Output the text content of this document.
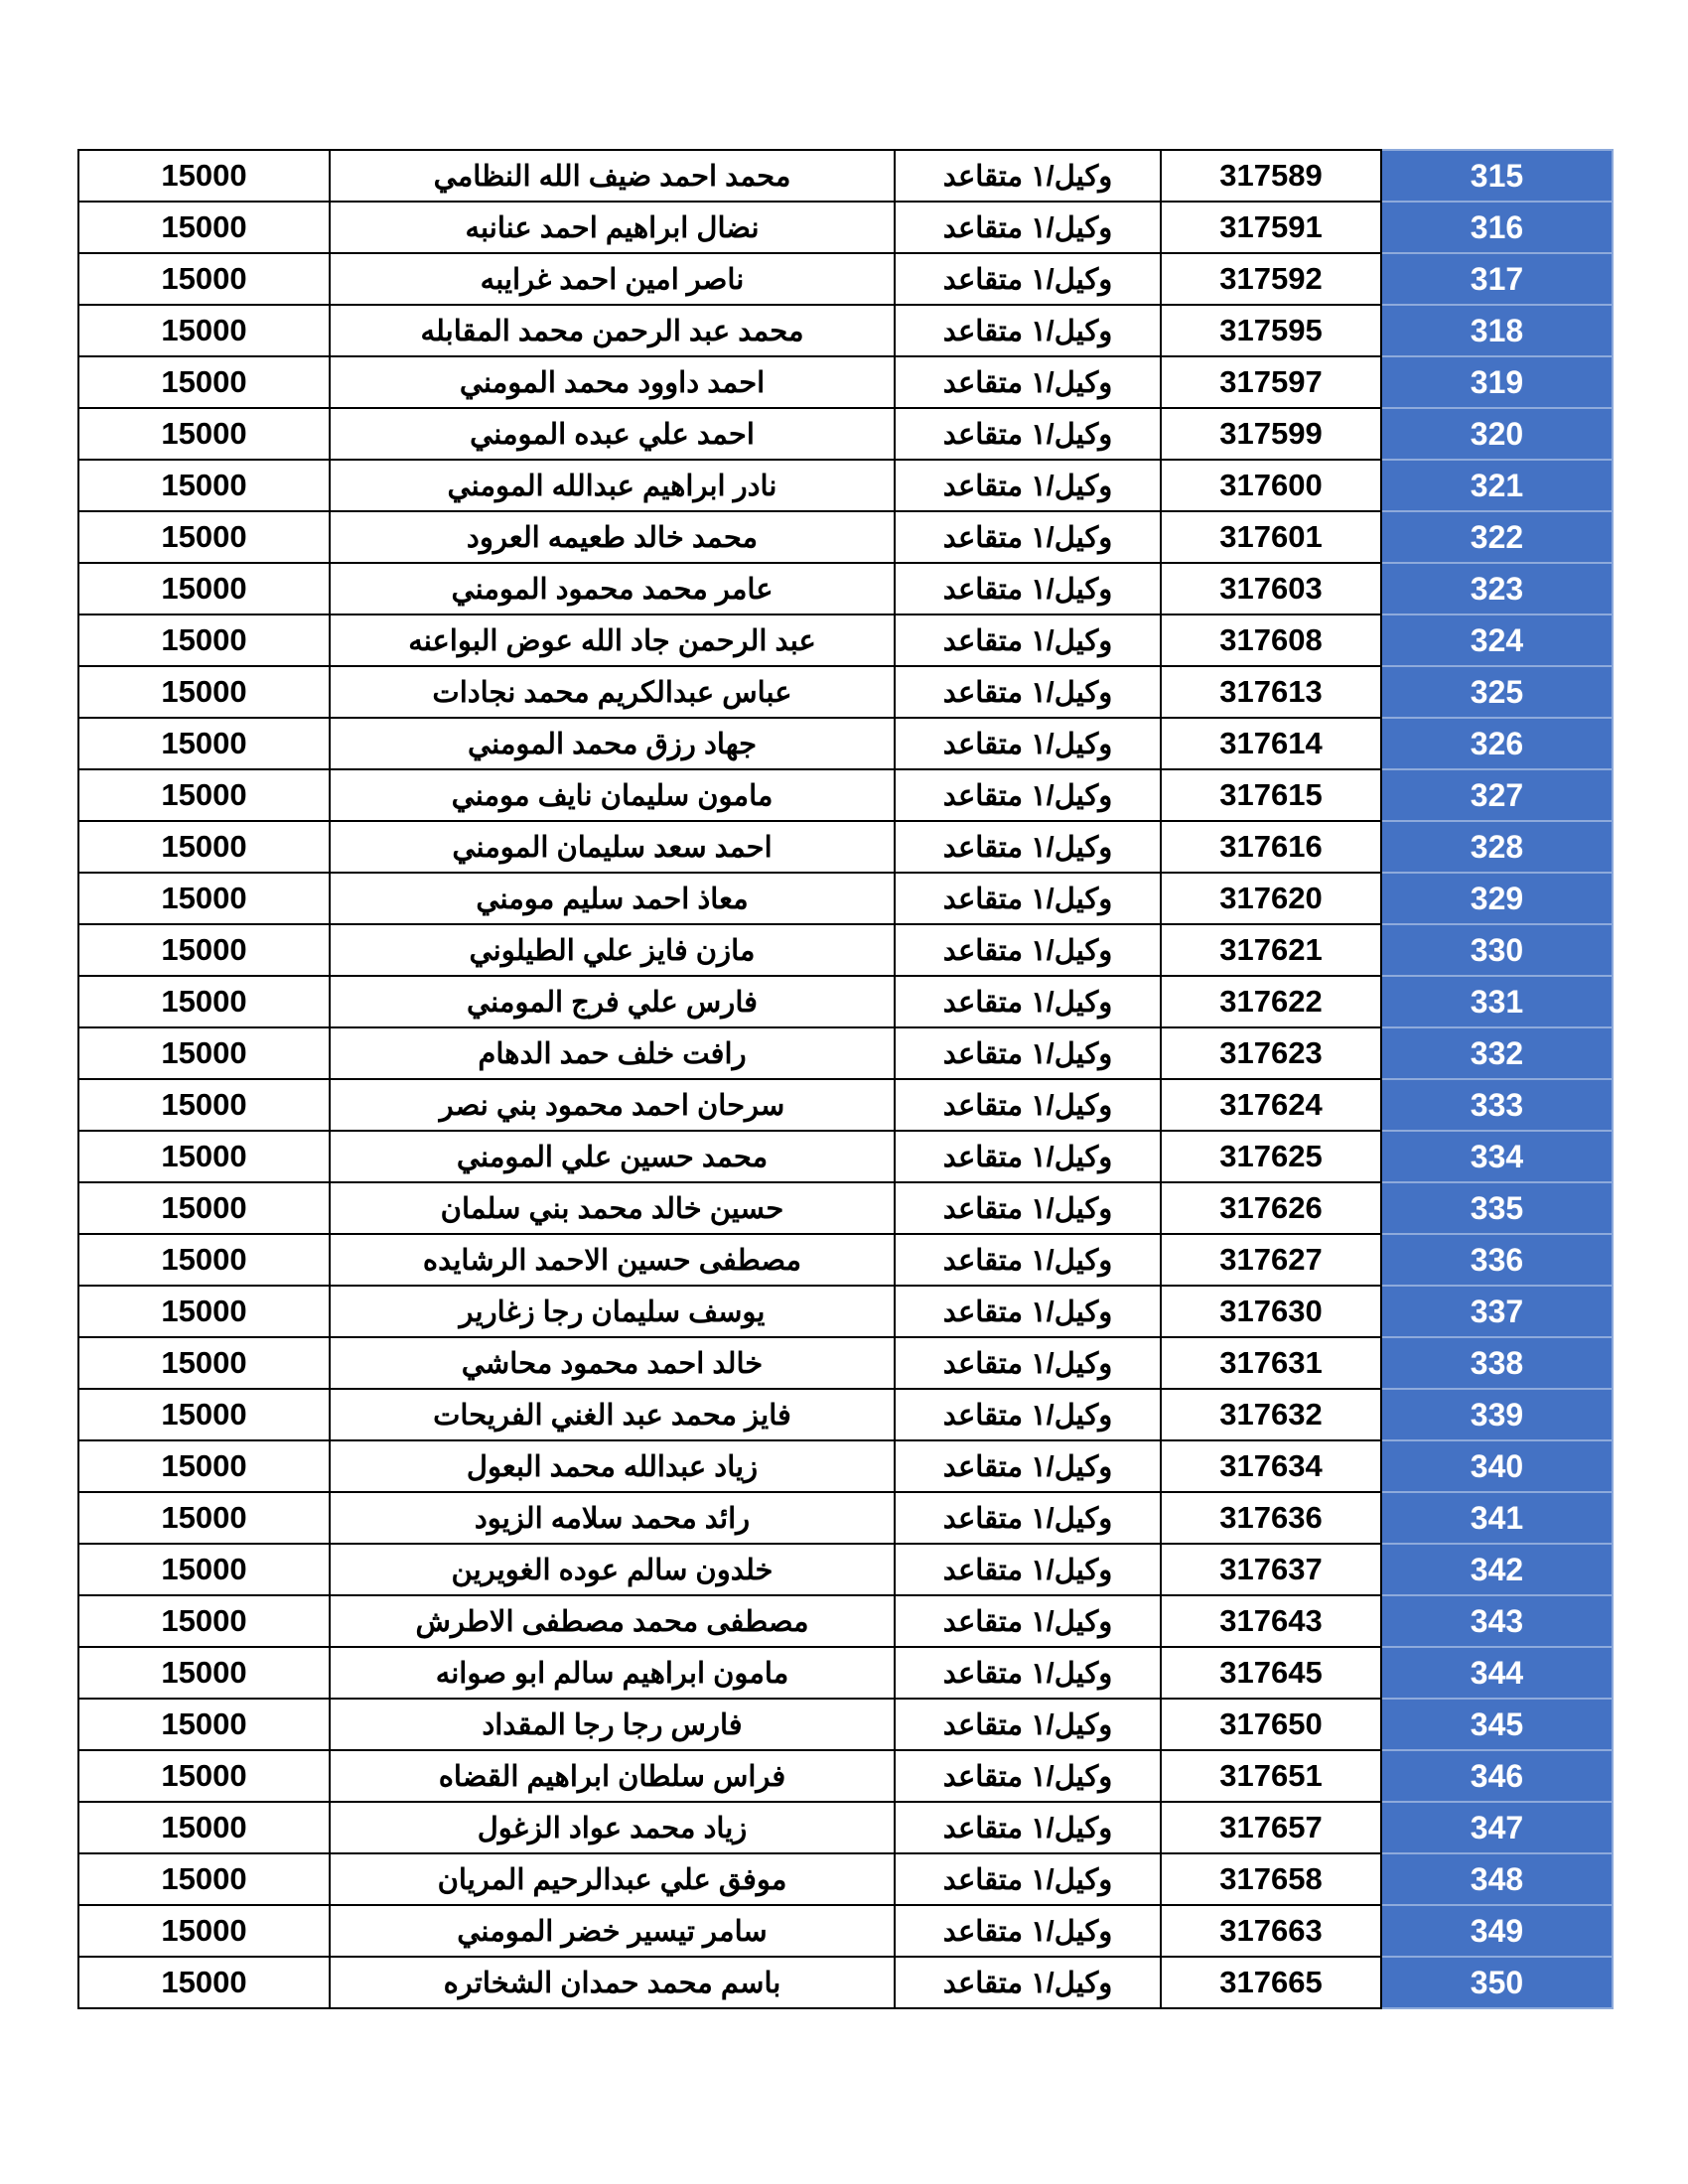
15000	محمد احمد ضيف الله النظامي	وكيل/١ متقاعد	317589	315
15000	نضال ابراهيم احمد عنانبه	وكيل/١ متقاعد	317591	316
15000	ناصر امين احمد غرايبه	وكيل/١ متقاعد	317592	317
15000	محمد عبد الرحمن محمد المقابله	وكيل/١ متقاعد	317595	318
15000	احمد داوود محمد المومني	وكيل/١ متقاعد	317597	319
15000	احمد علي عبده المومني	وكيل/١ متقاعد	317599	320
15000	نادر ابراهيم عبدالله المومني	وكيل/١ متقاعد	317600	321
15000	محمد خالد طعيمه العرود	وكيل/١ متقاعد	317601	322
15000	عامر محمد محمود المومني	وكيل/١ متقاعد	317603	323
15000	عبد الرحمن جاد الله عوض البواعنه	وكيل/١ متقاعد	317608	324
15000	عباس عبدالكريم محمد نجادات	وكيل/١ متقاعد	317613	325
15000	جهاد رزق محمد المومني	وكيل/١ متقاعد	317614	326
15000	مامون سليمان نايف مومني	وكيل/١ متقاعد	317615	327
15000	احمد سعد سليمان المومني	وكيل/١ متقاعد	317616	328
15000	معاذ احمد سليم مومني	وكيل/١ متقاعد	317620	329
15000	مازن فايز علي الطيلوني	وكيل/١ متقاعد	317621	330
15000	فارس علي فرج المومني	وكيل/١ متقاعد	317622	331
15000	رافت خلف حمد الدهام	وكيل/١ متقاعد	317623	332
15000	سرحان احمد محمود بني نصر	وكيل/١ متقاعد	317624	333
15000	محمد حسين علي المومني	وكيل/١ متقاعد	317625	334
15000	حسين خالد محمد بني سلمان	وكيل/١ متقاعد	317626	335
15000	مصطفى حسين الاحمد الرشايده	وكيل/١ متقاعد	317627	336
15000	يوسف سليمان رجا زغارير	وكيل/١ متقاعد	317630	337
15000	خالد احمد محمود محاشي	وكيل/١ متقاعد	317631	338
15000	فايز محمد عبد الغني الفريحات	وكيل/١ متقاعد	317632	339
15000	زياد عبدالله محمد البعول	وكيل/١ متقاعد	317634	340
15000	رائد محمد سلامه الزيود	وكيل/١ متقاعد	317636	341
15000	خلدون سالم عوده الغويرين	وكيل/١ متقاعد	317637	342
15000	مصطفى محمد مصطفى الاطرش	وكيل/١ متقاعد	317643	343
15000	مامون ابراهيم سالم ابو صوانه	وكيل/١ متقاعد	317645	344
15000	فارس رجا رجا المقداد	وكيل/١ متقاعد	317650	345
15000	فراس سلطان ابراهيم القضاه	وكيل/١ متقاعد	317651	346
15000	زياد محمد عواد الزغول	وكيل/١ متقاعد	317657	347
15000	موفق علي عبدالرحيم المريان	وكيل/١ متقاعد	317658	348
15000	سامر تيسير خضر المومني	وكيل/١ متقاعد	317663	349
15000	باسم محمد حمدان الشخاتره	وكيل/١ متقاعد	317665	350
